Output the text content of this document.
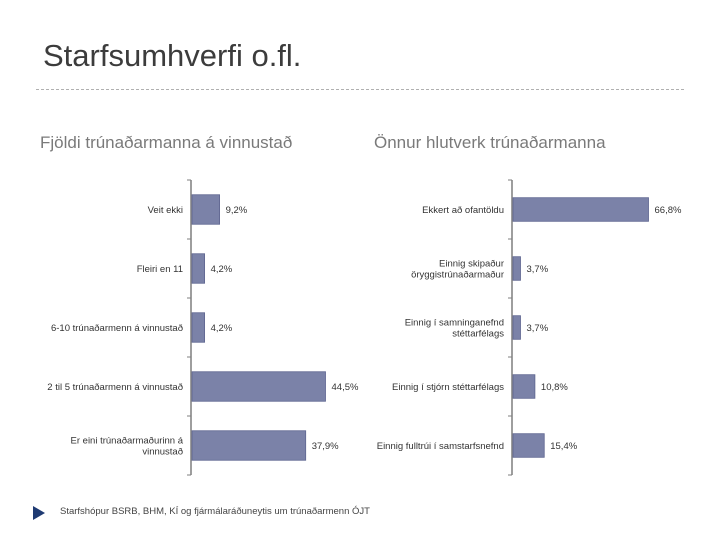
Starfsumhverfi o.fl.
Fjöldi trúnaðarmanna á vinnustað	Önnur hlutverk trúnaðarmanna
Veit ekki	9,2%
Fleiri en 11	4,2%
6-10 trúnaðarmenn á vinnustað	4,2%
2 til 5 trúnaðarmenn á vinnustað	44,5%
Er eini trúnaðarmaðurinn á vinnustað	37,9%
Ekkert að ofantöldu	66,8%
Einnig skipaður öryggistrúnaðarmaður 3,7%
Einnig í samninganefnd stéttarfélags 3,7%
Einnig í stjórn stéttarfélags	10,8%
Einnig fulltrúi í samstarfsnefnd	15,4%
Starfshópur BSRB, BHM, KÍ og fjármálaráðuneytis um trúnaðarmenn ÓJT
